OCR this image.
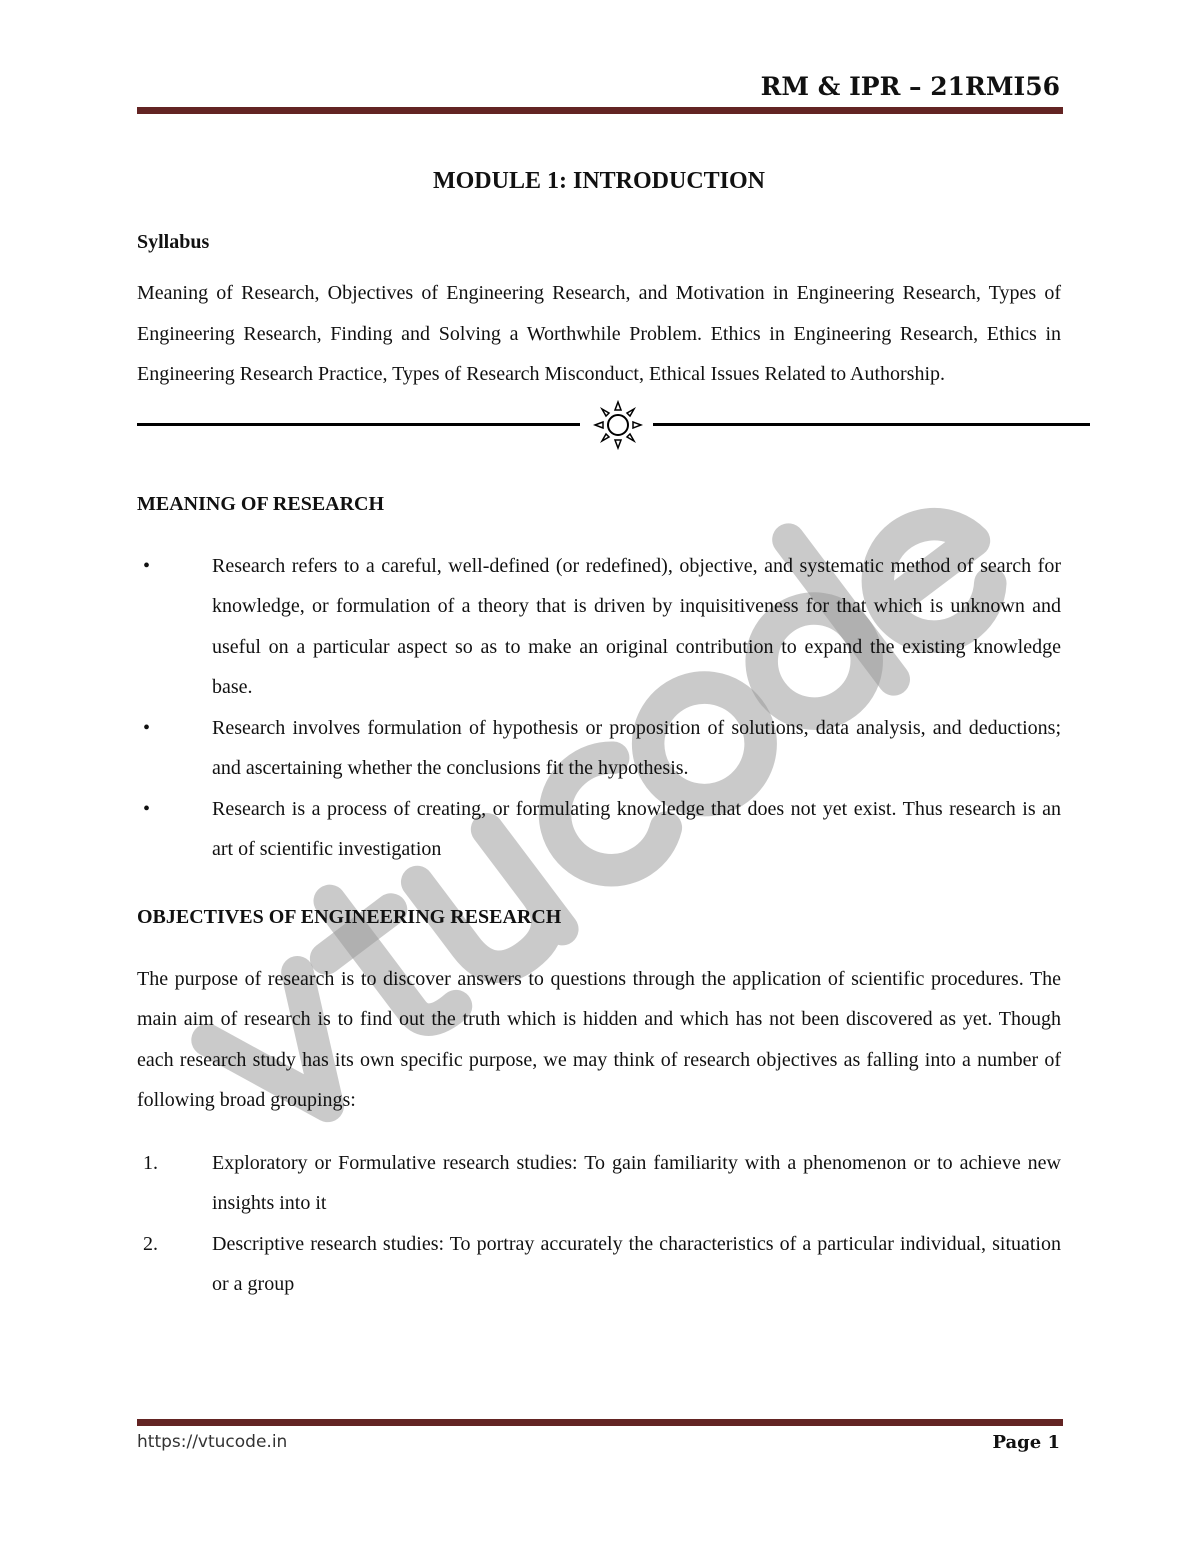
RM & IPR – 21RMI56
MODULE 1: INTRODUCTION
Syllabus
Meaning of Research, Objectives of Engineering Research, and Motivation in Engineering Research, Types of Engineering Research, Finding and Solving a Worthwhile Problem. Ethics in Engineering Research, Ethics in Engineering Research Practice, Types of Research Misconduct, Ethical Issues Related to Authorship.
MEANING OF RESEARCH
•	Research refers to a careful, well-defined (or redefined), objective, and systematic method of search for knowledge, or formulation of a theory that is driven by inquisitiveness for that which is unknown and useful on a particular aspect so as to make an original contribution to expand the existing knowledge base.
•	Research involves formulation of hypothesis or proposition of solutions, data analysis, and deductions; and ascertaining whether the conclusions fit the hypothesis.
•	Research is a process of creating, or formulating knowledge that does not yet exist. Thus research is an art of scientific investigation
OBJECTIVES OF ENGINEERING RESEARCH
The purpose of research is to discover answers to questions through the application of scientific procedures. The main aim of research is to find out the truth which is hidden and which has not been discovered as yet. Though each research study has its own specific purpose, we may think of research objectives as falling into a number of following broad groupings:
1.	Exploratory or Formulative research studies: To gain familiarity with a phenomenon or to achieve new insights into it
2.	Descriptive research studies: To portray accurately the characteristics of a particular individual, situation or a group
https://vtucode.in	Page 1
